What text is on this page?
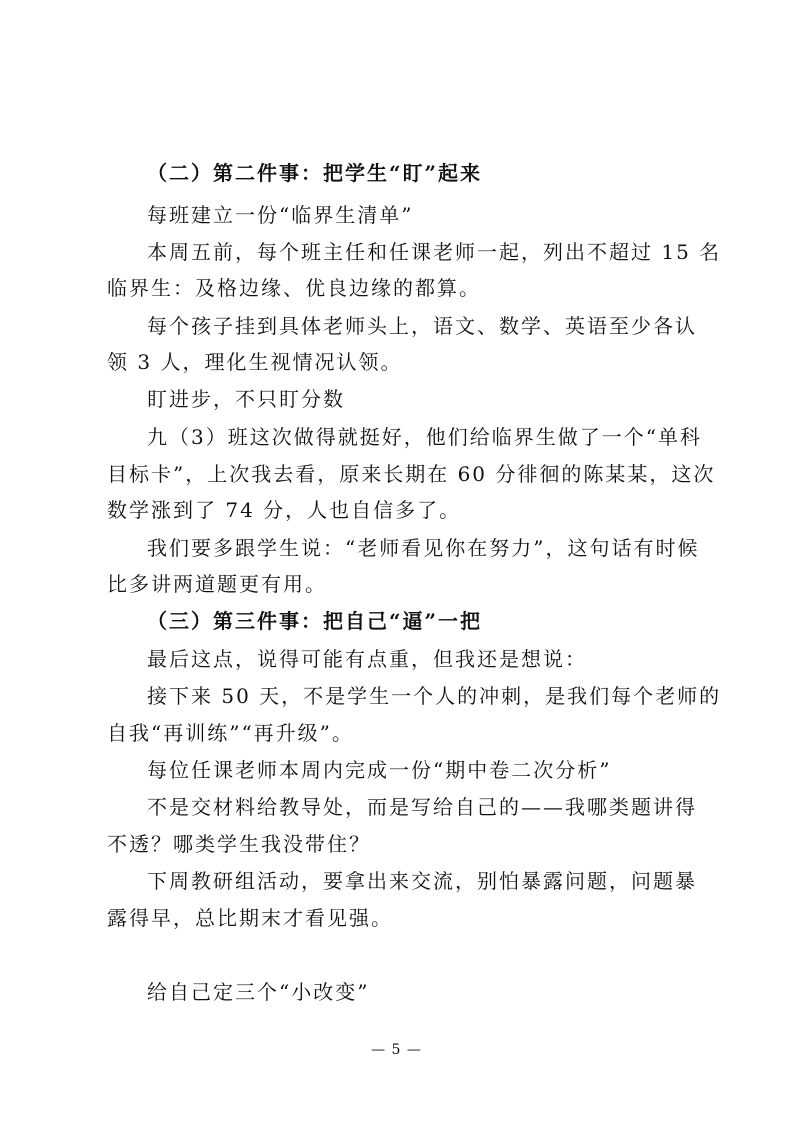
（二）第二件事：把学生“盯”起来
每班建立一份“临界生清单”
本周五前，每个班主任和任课老师一起，列出不超过 15 名
临界生：及格边缘、优良边缘的都算。
每个孩子挂到具体老师头上，语文、数学、英语至少各认
领 3 人，理化生视情况认领。
盯进步，不只盯分数
九（3）班这次做得就挺好，他们给临界生做了一个“单科
目标卡”，上次我去看，原来长期在 60 分徘徊的陈某某，这次
数学涨到了 74 分，人也自信多了。
我们要多跟学生说：“老师看见你在努力”，这句话有时候
比多讲两道题更有用。
（三）第三件事：把自己“逼”一把
最后这点，说得可能有点重，但我还是想说：
接下来 50 天，不是学生一个人的冲刺，是我们每个老师的
自我“再训练”“再升级”。
每位任课老师本周内完成一份“期中卷二次分析”
不是交材料给教导处，而是写给自己的——我哪类题讲得
不透？哪类学生我没带住？
下周教研组活动，要拿出来交流，别怕暴露问题，问题暴
露得早，总比期末才看见强。
给自己定三个“小改变”
— 5 —
